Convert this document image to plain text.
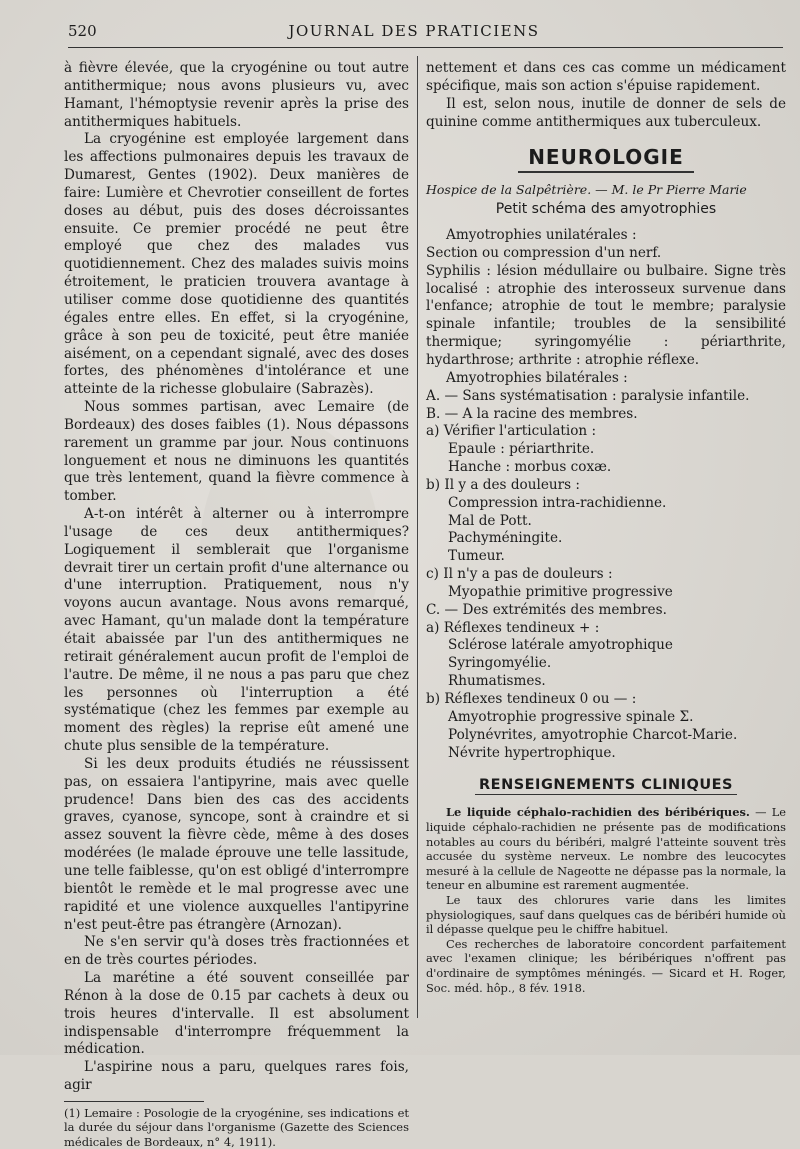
520	JOURNAL DES PRATICIENS

à fièvre élevée, que la cryogénine ou tout autre antithermique; nous avons plusieurs vu, avec Hamant, l'hémoptysie revenir après la prise des antithermiques habituels.

La cryogénine est employée largement dans les affections pulmonaires depuis les travaux de Dumarest, Gentes (1902). Deux manières de faire: Lumière et Chevrotier conseillent de fortes doses au début, puis des doses décroissantes ensuite. Ce premier procédé ne peut être employé que chez des malades vus quotidiennement. Chez des malades suivis moins étroitement, le praticien trouvera avantage à utiliser comme dose quotidienne des quantités égales entre elles. En effet, si la cryogénine, grâce à son peu de toxicité, peut être maniée aisément, on a cependant signalé, avec des doses fortes, des phénomènes d'intolérance et une atteinte de la richesse globulaire (Sabrazès).

Nous sommes partisan, avec Lemaire (de Bordeaux) des doses faibles (1). Nous dépassons rarement un gramme par jour. Nous continuons longuement et nous ne diminuons les quantités que très lentement, quand la fièvre commence à tomber.

A-t-on intérêt à alterner ou à interrompre l'usage de ces deux antithermiques? Logiquement il semblerait que l'organisme devrait tirer un certain profit d'une alternance ou d'une interruption. Pratiquement, nous n'y voyons aucun avantage. Nous avons remarqué, avec Hamant, qu'un malade dont la température était abaissée par l'un des antithermiques ne retirait généralement aucun profit de l'emploi de l'autre. De même, il ne nous a pas paru que chez les personnes où l'interruption a été systématique (chez les femmes par exemple au moment des règles) la reprise eût amené une chute plus sensible de la température.

Si les deux produits étudiés ne réussissent pas, on essaiera l'antipyrine, mais avec quelle prudence! Dans bien des cas des accidents graves, cyanose, syncope, sont à craindre et si assez souvent la fièvre cède, même à des doses modérées (le malade éprouve une telle lassitude, une telle faiblesse, qu'on est obligé d'interrompre bientôt le remède et le mal progresse avec une rapidité et une violence auxquelles l'antipyrine n'est peut-être pas étrangère (Arnozan).

Ne s'en servir qu'à doses très fractionnées et en de très courtes périodes.

La marétine a été souvent conseillée par Rénon à la dose de 0.15 par cachets à deux ou trois heures d'intervalle. Il est absolument indispensable d'interrompre fréquemment la médication.

L'aspirine nous a paru, quelques rares fois, agir

(1) Lemaire : Posologie de la cryogénine, ses indications et la durée du séjour dans l'organisme (Gazette des Sciences médicales de Bordeaux, n° 4, 1911).

nettement et dans ces cas comme un médicament spécifique, mais son action s'épuise rapidement.

Il est, selon nous, inutile de donner de sels de quinine comme antithermiques aux tuberculeux.

NEUROLOGIE

Hospice de la Salpêtrière. — M. le Pr Pierre Marie

Petit schéma des amyotrophies

Amyotrophies unilatérales :

Section ou compression d'un nerf.

Syphilis : lésion médullaire ou bulbaire. Signe très localisé : atrophie des interosseux survenue dans l'enfance; atrophie de tout le membre; paralysie spinale infantile; troubles de la sensibilité thermique; syringomyélie : périarthrite, hydarthrose; arthrite : atrophie réflexe.

Amyotrophies bilatérales :

A. — Sans systématisation : paralysie infantile.

B. — A la racine des membres.

a) Vérifier l'articulation :

Epaule : périarthrite.

Hanche : morbus coxæ.

b) Il y a des douleurs :

Compression intra-rachidienne.

Mal de Pott.

Pachyméningite.

Tumeur.

c) Il n'y a pas de douleurs :

Myopathie primitive progressive

C. — Des extrémités des membres.

a) Réflexes tendineux + :

Sclérose latérale amyotrophique

Syringomyélie.

Rhumatismes.

b) Réflexes tendineux 0 ou — :

Amyotrophie progressive spinale Σ.

Polynévrites, amyotrophie Charcot-Marie.

Névrite hypertrophique.

RENSEIGNEMENTS CLINIQUES

Le liquide céphalo-rachidien des béribériques. — Le liquide céphalo-rachidien ne présente pas de modifications notables au cours du béribéri, malgré l'atteinte souvent très accusée du système nerveux. Le nombre des leucocytes mesuré à la cellule de Nageotte ne dépasse pas la normale, la teneur en albumine est rarement augmentée.

Le taux des chlorures varie dans les limites physiologiques, sauf dans quelques cas de béribéri humide où il dépasse quelque peu le chiffre habituel.

Ces recherches de laboratoire concordent parfaitement avec l'examen clinique; les béribériques n'offrent pas d'ordinaire de symptômes méningés. — Sicard et H. Roger, Soc. méd. hôp., 8 fév. 1918.
